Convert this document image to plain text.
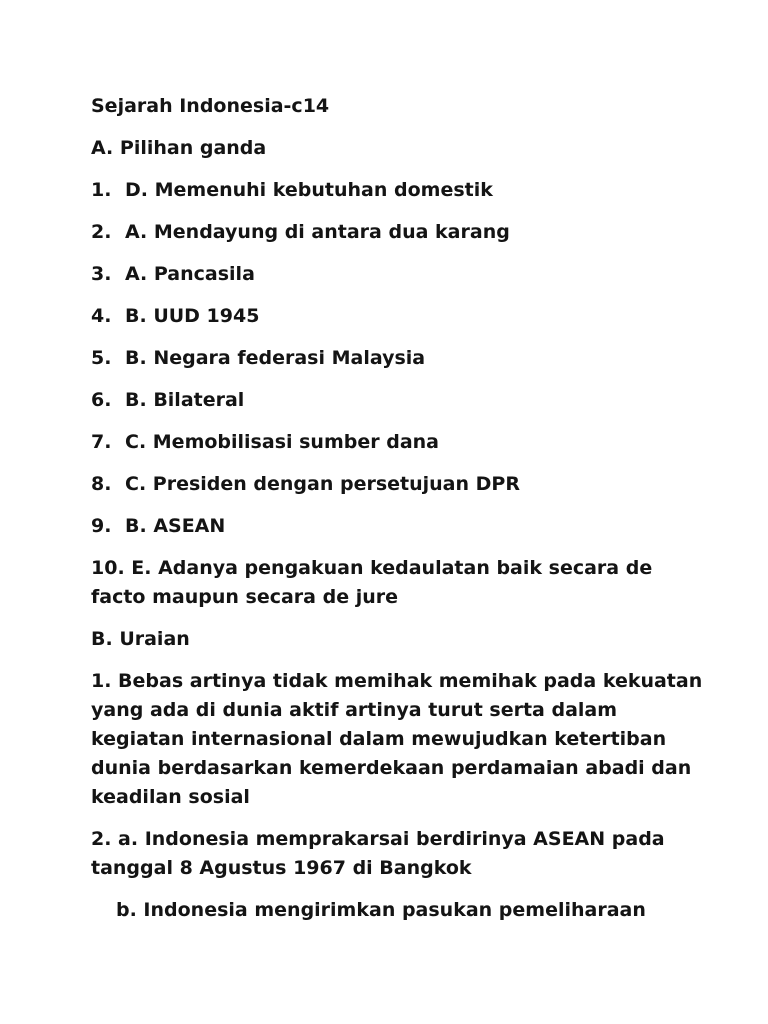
Sejarah Indonesia-c14

A. Pilihan ganda

1. D. Memenuhi kebutuhan domestik
2. A. Mendayung di antara dua karang
3. A. Pancasila
4. B. UUD 1945
5. B. Negara federasi Malaysia
6. B. Bilateral
7. C. Memobilisasi sumber dana
8. C. Presiden dengan persetujuan DPR
9. B. ASEAN
10. E. Adanya pengakuan kedaulatan baik secara de
facto maupun secara de jure

B. Uraian

1. Bebas artinya tidak memihak memihak pada kekuatan
yang ada di dunia aktif artinya turut serta dalam
kegiatan internasional dalam mewujudkan ketertiban
dunia berdasarkan kemerdekaan perdamaian abadi dan
keadilan sosial
2. a. Indonesia memprakarsai berdirinya ASEAN pada
tanggal 8 Agustus 1967 di Bangkok

b. Indonesia mengirimkan pasukan pemeliharaan
